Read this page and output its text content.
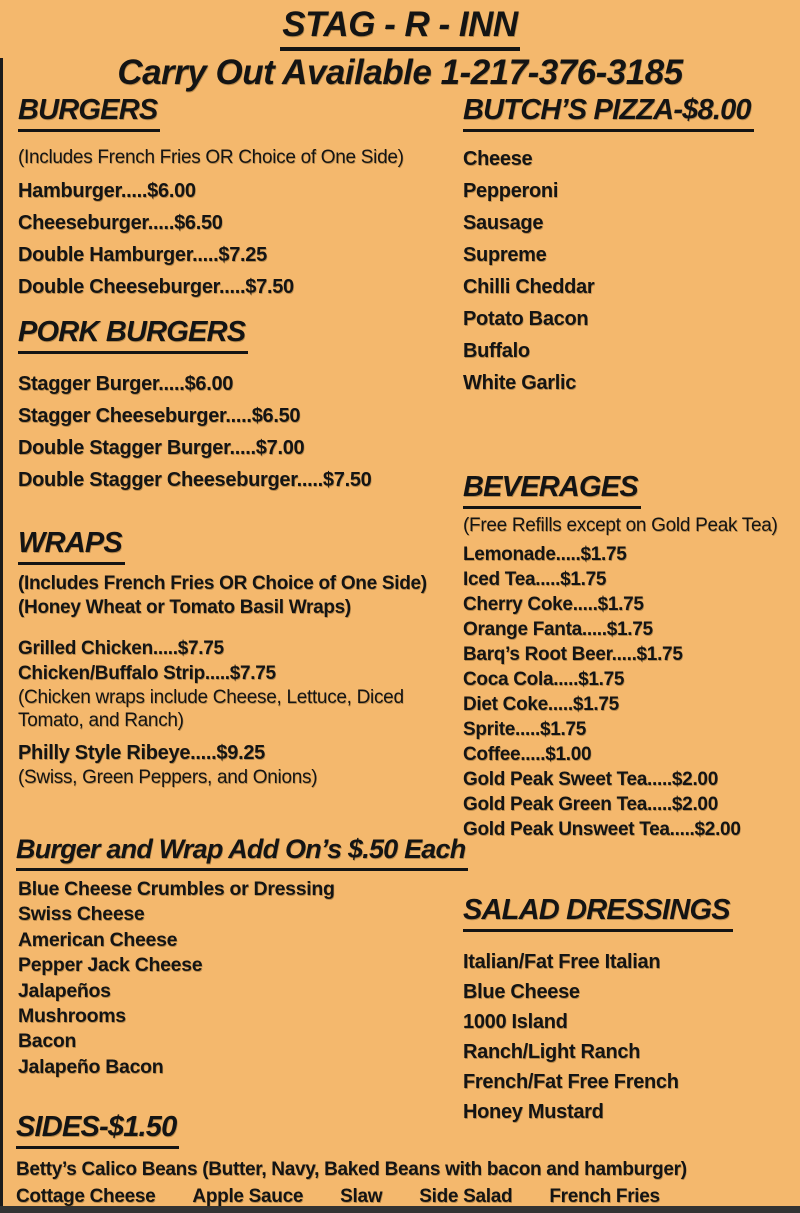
STAG - R - INN
Carry Out Available 1-217-376-3185
BURGERS

(Includes French Fries OR Choice of One Side)

Hamburger.....$6.00
Cheeseburger.....$6.50
Double Hamburger.....$7.25
Double Cheeseburger.....$7.50
PORK BURGERS
Stagger Burger.....$6.00
Stagger Cheeseburger.....$6.50
Double Stagger Burger.....$7.00
Double Stagger Cheeseburger.....$7.50
WRAPS

(Includes French Fries OR Choice of One Side)

(Honey Wheat or Tomato Basil Wraps)

Grilled Chicken.....$7.75
Chicken/Buffalo Strip.....$7.75

(Chicken wraps include Cheese, Lettuce, Diced Tomato, and Ranch)

Philly Style Ribeye.....$9.25

(Swiss, Green Peppers, and Onions)

Burger and Wrap Add On’s $.50 Each
Blue Cheese Crumbles or Dressing
Swiss Cheese
American Cheese
Pepper Jack Cheese
Jalapeños
Mushrooms
Bacon
Jalapeño Bacon
SIDES-$1.50

Betty’s Calico Beans (Butter, Navy, Baked Beans with bacon and hamburger)

Cottage Cheese Apple Sauce Slaw Side Salad French Fries
BUTCH’S PIZZA-$8.00
Cheese
Pepperoni
Sausage
Supreme
Chilli Cheddar
Potato Bacon
Buffalo
White Garlic
BEVERAGES

(Free Refills except on Gold Peak Tea)

Lemonade.....$1.75
Iced Tea.....$1.75
Cherry Coke.....$1.75
Orange Fanta.....$1.75
Barq’s Root Beer.....$1.75
Coca Cola.....$1.75
Diet Coke.....$1.75
Sprite.....$1.75
Coffee.....$1.00
Gold Peak Sweet Tea.....$2.00
Gold Peak Green Tea.....$2.00
Gold Peak Unsweet Tea.....$2.00
SALAD DRESSINGS
Italian/Fat Free Italian
Blue Cheese
1000 Island
Ranch/Light Ranch
French/Fat Free French
Honey Mustard
